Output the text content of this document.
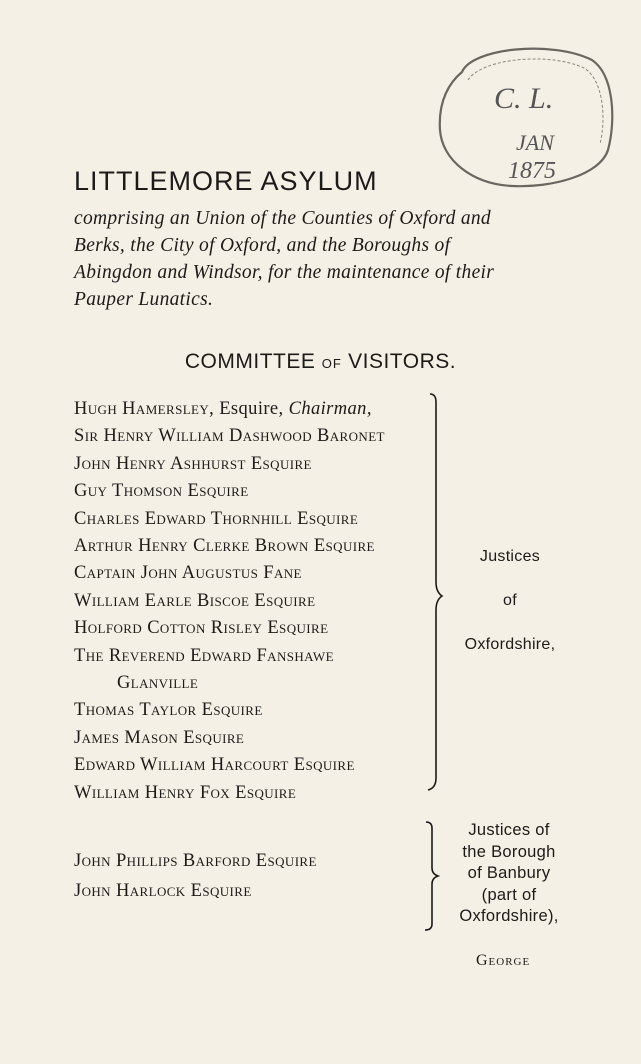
C. L.
JAN
1875
LITTLEMORE ASYLUM

comprising an Union of the Counties of Oxford and

Berks, the City of Oxford, and the Boroughs of

Abingdon and Windsor, for the maintenance of their

Pauper Lunatics.

COMMITTEE OF VISITORS.
Hugh Hamersley, Esquire, Chairman,
Sir Henry William Dashwood Baronet
John Henry Ashhurst Esquire
Guy Thomson Esquire
Charles Edward Thornhill Esquire
Arthur Henry Clerke Brown Esquire
Captain John Augustus Fane
William Earle Biscoe Esquire
Holford Cotton Risley Esquire
The Reverend Edward Fanshawe
Glanville
Thomas Taylor Esquire
James Mason Esquire
Edward William Harcourt Esquire
William Henry Fox Esquire
Justices
of
Oxfordshire,
John Phillips Barford Esquire
John Harlock Esquire
Justices of
the Borough
of Banbury
(part of
Oxfordshire),
George
